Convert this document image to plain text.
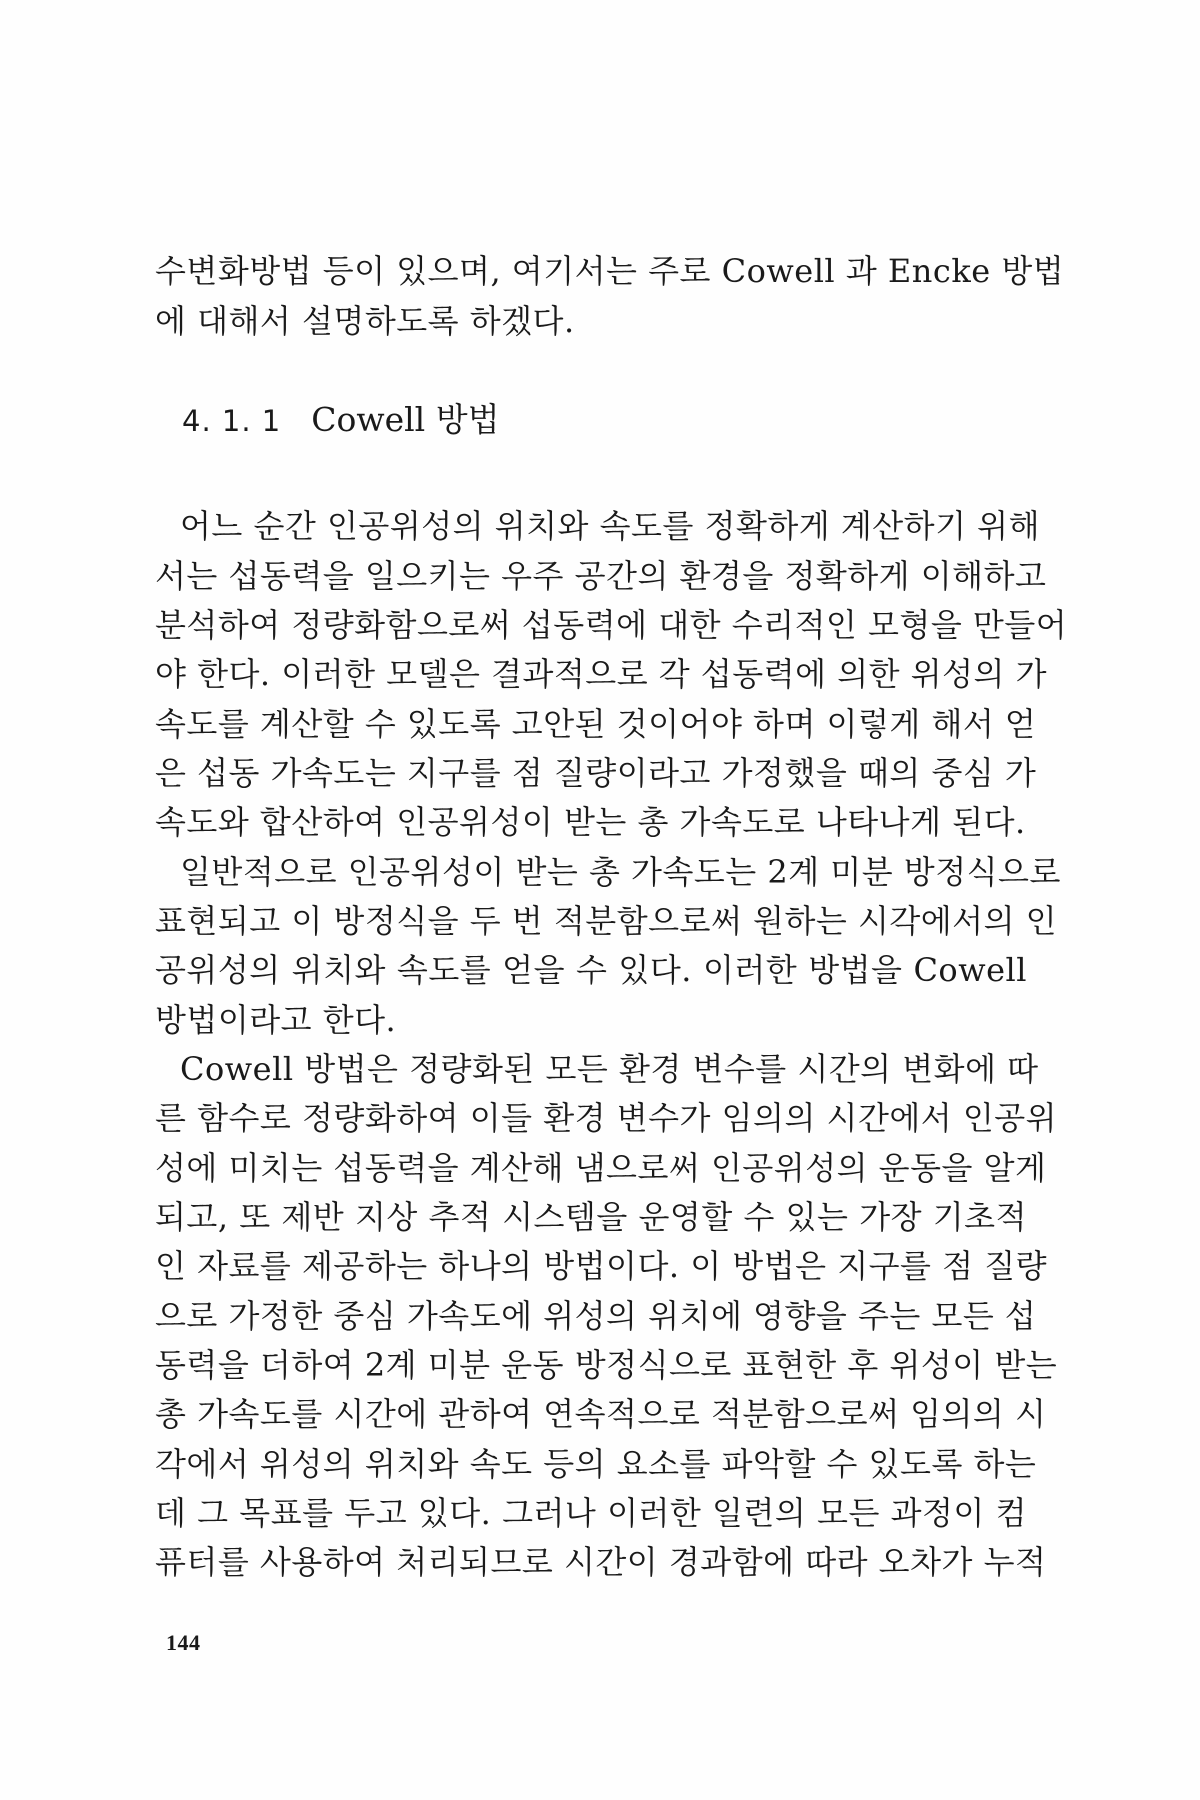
수변화방법 등이 있으며, 여기서는 주로 Cowell 과 Encke 방법
에 대해서 설명하도록 하겠다.
4. 1. 1 Cowell 방법
어느 순간 인공위성의 위치와 속도를 정확하게 계산하기 위해
서는 섭동력을 일으키는 우주 공간의 환경을 정확하게 이해하고
분석하여 정량화함으로써 섭동력에 대한 수리적인 모형을 만들어
야 한다. 이러한 모델은 결과적으로 각 섭동력에 의한 위성의 가
속도를 계산할 수 있도록 고안된 것이어야 하며 이렇게 해서 얻
은 섭동 가속도는 지구를 점 질량이라고 가정했을 때의 중심 가
속도와 합산하여 인공위성이 받는 총 가속도로 나타나게 된다.
일반적으로 인공위성이 받는 총 가속도는 2계 미분 방정식으로
표현되고 이 방정식을 두 번 적분함으로써 원하는 시각에서의 인
공위성의 위치와 속도를 얻을 수 있다. 이러한 방법을 Cowell
방법이라고 한다.
Cowell 방법은 정량화된 모든 환경 변수를 시간의 변화에 따
른 함수로 정량화하여 이들 환경 변수가 임의의 시간에서 인공위
성에 미치는 섭동력을 계산해 냄으로써 인공위성의 운동을 알게
되고, 또 제반 지상 추적 시스템을 운영할 수 있는 가장 기초적
인 자료를 제공하는 하나의 방법이다. 이 방법은 지구를 점 질량
으로 가정한 중심 가속도에 위성의 위치에 영향을 주는 모든 섭
동력을 더하여 2계 미분 운동 방정식으로 표현한 후 위성이 받는
총 가속도를 시간에 관하여 연속적으로 적분함으로써 임의의 시
각에서 위성의 위치와 속도 등의 요소를 파악할 수 있도록 하는
데 그 목표를 두고 있다. 그러나 이러한 일련의 모든 과정이 컴
퓨터를 사용하여 처리되므로 시간이 경과함에 따라 오차가 누적
144
